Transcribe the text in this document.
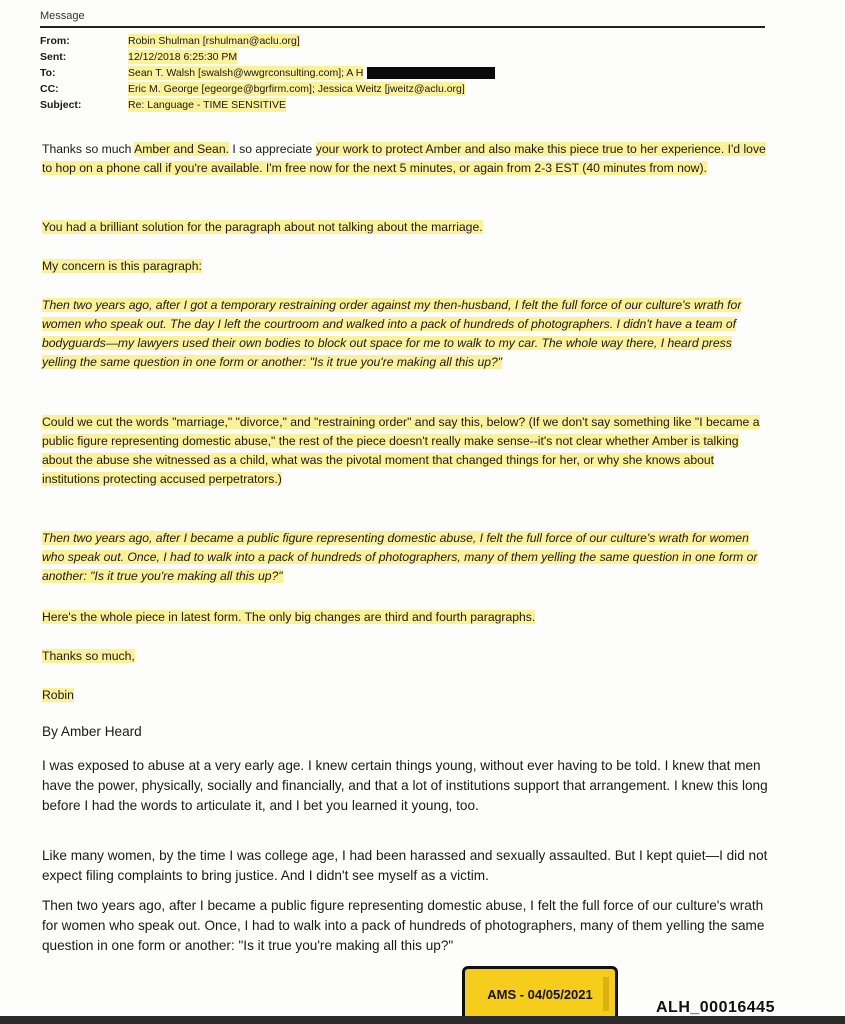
Message
From:	Robin Shulman [rshulman@aclu.org]
Sent:	12/12/2018 6:25:30 PM
To:	Sean T. Walsh [swalsh@wwgrconsulting.com]; A H
CC:	Eric M. George [egeorge@bgrfirm.com]; Jessica Weitz [jweitz@aclu.org]
Subject:	Re: Language - TIME SENSITIVE
Thanks so much Amber and Sean. I so appreciate your work to protect Amber and also make this piece true to her experience. I'd love to hop on a phone call if you're available. I'm free now for the next 5 minutes, or again from 2-3 EST (40 minutes from now).
You had a brilliant solution for the paragraph about not talking about the marriage.
My concern is this paragraph:
Then two years ago, after I got a temporary restraining order against my then-husband, I felt the full force of our culture's wrath for women who speak out. The day I left the courtroom and walked into a pack of hundreds of photographers. I didn't have a team of bodyguards—my lawyers used their own bodies to block out space for me to walk to my car. The whole way there, I heard press yelling the same question in one form or another: "Is it true you're making all this up?"
Could we cut the words "marriage," "divorce," and "restraining order" and say this, below? (If we don't say something like "I became a public figure representing domestic abuse," the rest of the piece doesn't really make sense--it's not clear whether Amber is talking about the abuse she witnessed as a child, what was the pivotal moment that changed things for her, or why she knows about institutions protecting accused perpetrators.)
Then two years ago, after I became a public figure representing domestic abuse, I felt the full force of our culture's wrath for women who speak out. Once, I had to walk into a pack of hundreds of photographers, many of them yelling the same question in one form or another: "Is it true you're making all this up?"
Here's the whole piece in latest form. The only big changes are third and fourth paragraphs.
Thanks so much,
Robin
By Amber Heard
I was exposed to abuse at a very early age. I knew certain things young, without ever having to be told. I knew that men have the power, physically, socially and financially, and that a lot of institutions support that arrangement. I knew this long before I had the words to articulate it, and I bet you learned it young, too.
Like many women, by the time I was college age, I had been harassed and sexually assaulted. But I kept quiet—I did not expect filing complaints to bring justice. And I didn't see myself as a victim.
Then two years ago, after I became a public figure representing domestic abuse, I felt the full force of our culture's wrath for women who speak out. Once, I had to walk into a pack of hundreds of photographers, many of them yelling the same question in one form or another: "Is it true you're making all this up?"
AMS - 04/05/2021
ALH_00016445
